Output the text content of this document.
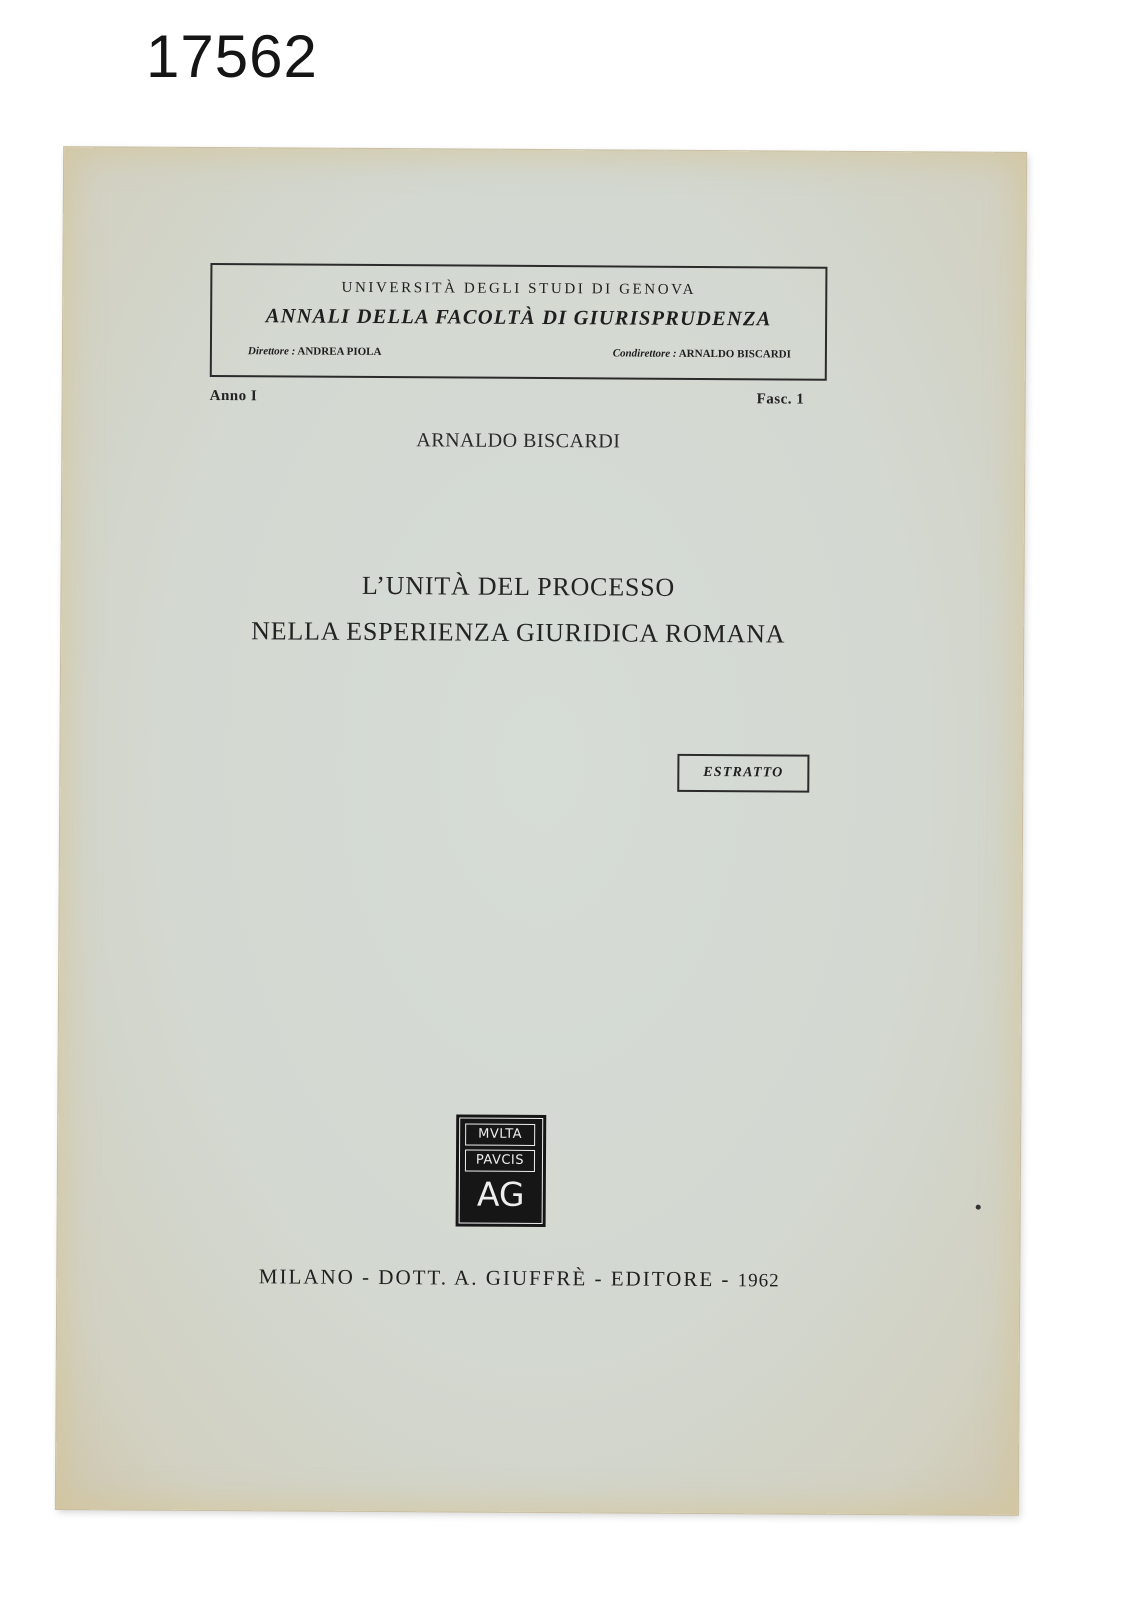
17562
UNIVERSITÀ DEGLI STUDI DI GENOVA
ANNALI DELLA FACOLTÀ DI GIURISPRUDENZA
Direttore : ANDREA PIOLA	Condirettore : ARNALDO BISCARDI
Anno I	Fasc. 1
ARNALDO BISCARDI
L’UNITÀ DEL PROCESSO
NELLA ESPERIENZA GIURIDICA ROMANA
ESTRATTO
MVLTA
PAVCIS
AG
MILANO - DOTT. A. GIUFFRÈ - EDITORE - 1962
